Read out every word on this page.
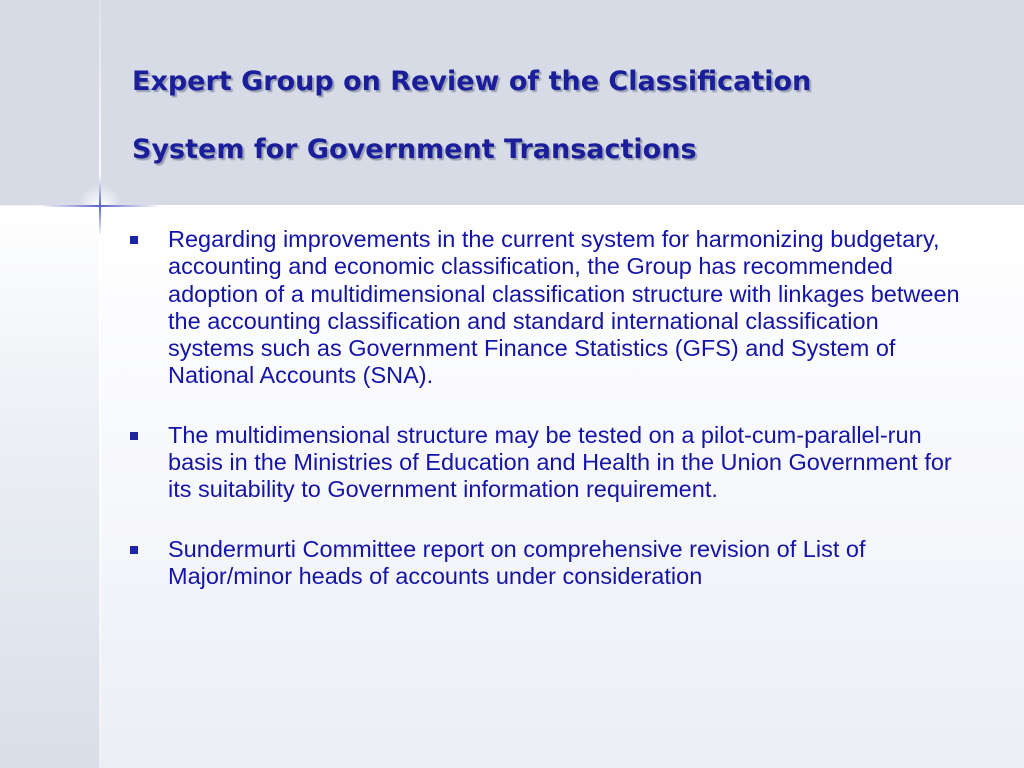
Expert Group on Review of the Classification
System for Government Transactions
Regarding improvements in the current system for harmonizing budgetary, accounting and economic classification, the Group has recommended adoption of a multidimensional classification structure with linkages between the accounting classification and standard international classification systems such as Government Finance Statistics (GFS) and System of National Accounts (SNA).
The multidimensional structure may be tested on a pilot-cum-parallel-run basis in the Ministries of Education and Health in the Union Government for its suitability to Government information requirement.
Sundermurti Committee report on comprehensive revision of List of Major/minor heads of accounts under consideration
